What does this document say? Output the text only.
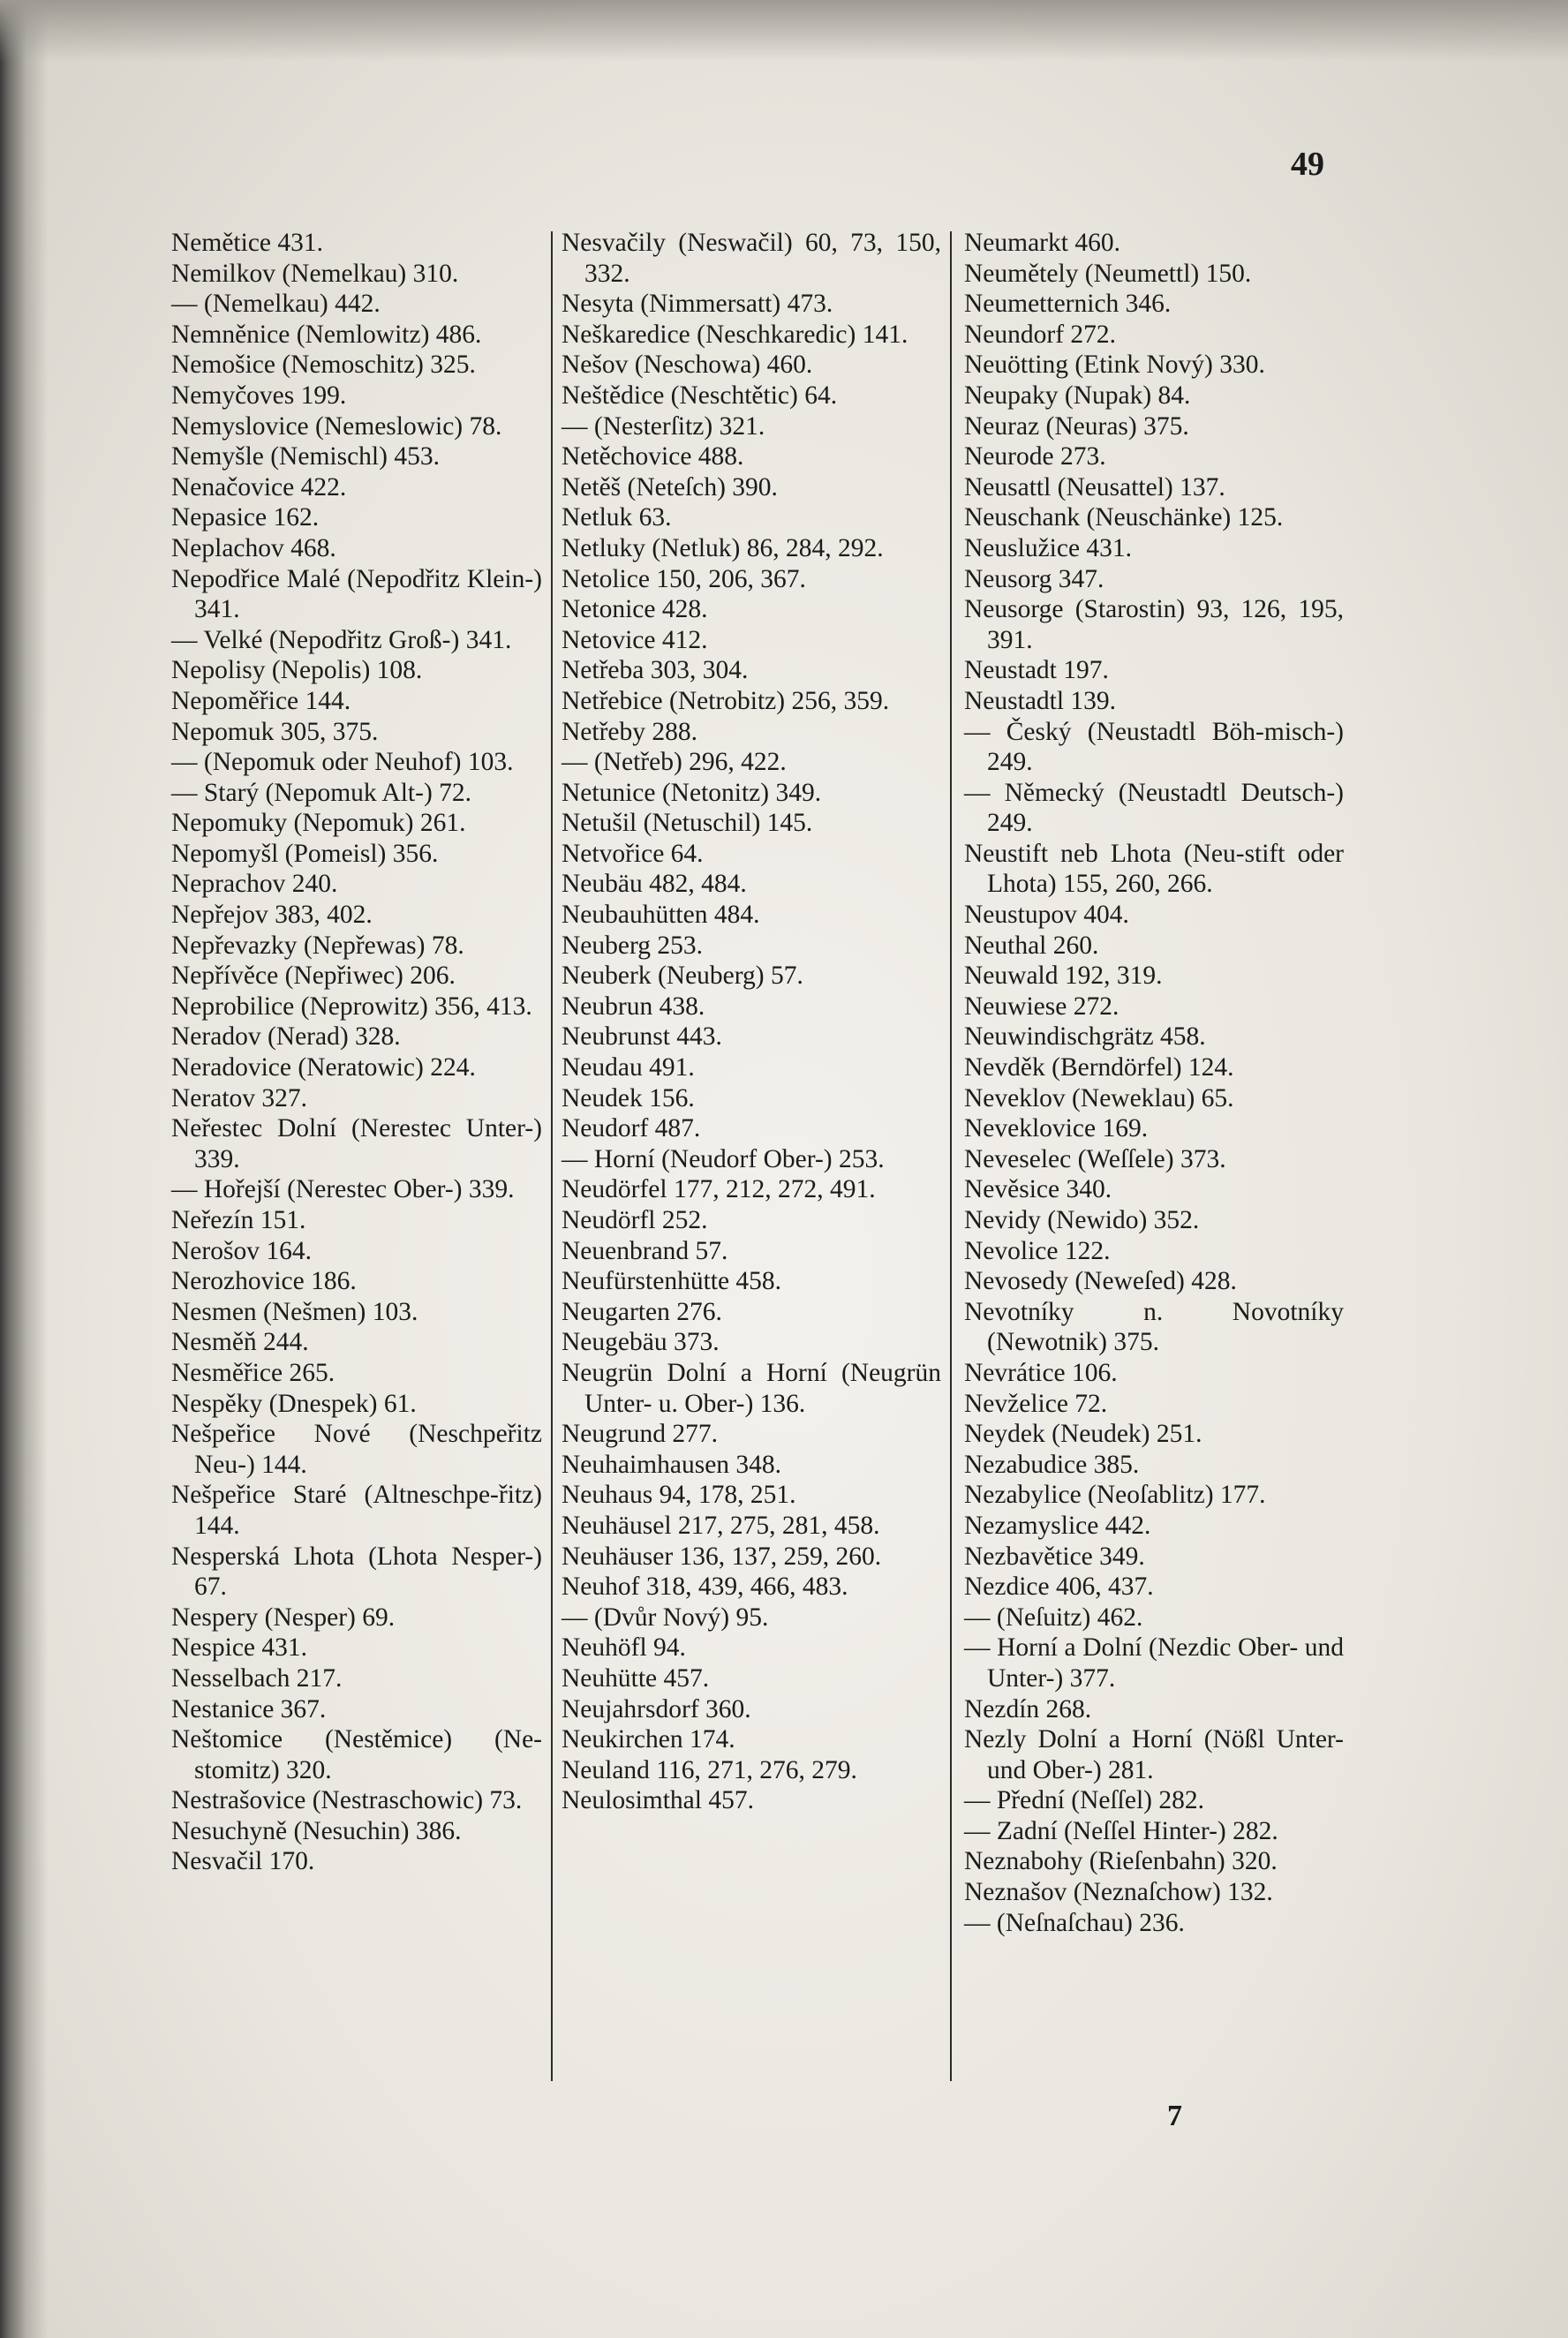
49

Nemětice 431.

Nemilkov (Nemelkau) 310.

— (Nemelkau) 442.

Nemněnice (Nemlowitz) 486.

Nemošice (Nemoschitz) 325.

Nemyčoves 199.

Nemyslovice (Nemeslowic) 78.

Nemyšle (Nemischl) 453.

Nenačovice 422.

Nepasice 162.

Neplachov 468.

Nepodřice Malé (Nepodřitz Klein-) 341.

— Velké (Nepodřitz Groß-) 341.

Nepolisy (Nepolis) 108.

Nepoměřice 144.

Nepomuk 305, 375.

— (Nepomuk oder Neuhof) 103.

— Starý (Nepomuk Alt-) 72.

Nepomuky (Nepomuk) 261.

Nepomyšl (Pomeisl) 356.

Neprachov 240.

Nepřejov 383, 402.

Nepřevazky (Nepřewas) 78.

Nepřívěce (Nepřiwec) 206.

Neprobilice (Neprowitz) 356, 413.

Neradov (Nerad) 328.

Neradovice (Neratowic) 224.

Neratov 327.

Neřestec Dolní (Nerestec Unter-) 339.

— Hořejší (Nerestec Ober-) 339.

Neřezín 151.

Nerošov 164.

Nerozhovice 186.

Nesmen (Nešmen) 103.

Nesměň 244.

Nesměřice 265.

Nespěky (Dnespek) 61.

Nešpeřice Nové (Neschpeřitz Neu-) 144.

Nešpeřice Staré (Altneschpe-řitz) 144.

Nesperská Lhota (Lhota Nesper-) 67.

Nespery (Nesper) 69.

Nespice 431.

Nesselbach 217.

Nestanice 367.

Neštomice (Nestěmice) (Ne-stomitz) 320.

Nestrašovice (Nestraschowic) 73.

Nesuchyně (Nesuchin) 386.

Nesvačil 170.

Nesvačily (Neswačil) 60, 73, 150, 332.

Nesyta (Nimmersatt) 473.

Neškaredice (Neschkaredic) 141.

Nešov (Neschowa) 460.

Neštědice (Neschtětic) 64.

— (Nesterſitz) 321.

Netěchovice 488.

Netěš (Neteſch) 390.

Netluk 63.

Netluky (Netluk) 86, 284, 292.

Netolice 150, 206, 367.

Netonice 428.

Netovice 412.

Netřeba 303, 304.

Netřebice (Netrobitz) 256, 359.

Netřeby 288.

— (Netřeb) 296, 422.

Netunice (Netonitz) 349.

Netušil (Netuschil) 145.

Netvořice 64.

Neubäu 482, 484.

Neubauhütten 484.

Neuberg 253.

Neuberk (Neuberg) 57.

Neubrun 438.

Neubrunst 443.

Neudau 491.

Neudek 156.

Neudorf 487.

— Horní (Neudorf Ober-) 253.

Neudörfel 177, 212, 272, 491.

Neudörfl 252.

Neuenbrand 57.

Neufürstenhütte 458.

Neugarten 276.

Neugebäu 373.

Neugrün Dolní a Horní (Neugrün Unter- u. Ober-) 136.

Neugrund 277.

Neuhaimhausen 348.

Neuhaus 94, 178, 251.

Neuhäusel 217, 275, 281, 458.

Neuhäuser 136, 137, 259, 260.

Neuhof 318, 439, 466, 483.

— (Dvůr Nový) 95.

Neuhöfl 94.

Neuhütte 457.

Neujahrsdorf 360.

Neukirchen 174.

Neuland 116, 271, 276, 279.

Neulosimthal 457.

Neumarkt 460.

Neumětely (Neumettl) 150.

Neumetternich 346.

Neundorf 272.

Neuötting (Etink Nový) 330.

Neupaky (Nupak) 84.

Neuraz (Neuras) 375.

Neurode 273.

Neusattl (Neusattel) 137.

Neuschank (Neuschänke) 125.

Neuslužice 431.

Neusorg 347.

Neusorge (Starostin) 93, 126, 195, 391.

Neustadt 197.

Neustadtl 139.

— Český (Neustadtl Böh-misch-) 249.

— Německý (Neustadtl Deutsch-) 249.

Neustift neb Lhota (Neu-stift oder Lhota) 155, 260, 266.

Neustupov 404.

Neuthal 260.

Neuwald 192, 319.

Neuwiese 272.

Neuwindischgrätz 458.

Nevděk (Berndörfel) 124.

Neveklov (Neweklau) 65.

Neveklovice 169.

Neveselec (Weſſele) 373.

Nevěsice 340.

Nevidy (Newido) 352.

Nevolice 122.

Nevosedy (Neweſed) 428.

Nevotníky n. Novotníky (Newotnik) 375.

Nevrátice 106.

Nevželice 72.

Neydek (Neudek) 251.

Nezabudice 385.

Nezabylice (Neoſablitz) 177.

Nezamyslice 442.

Nezbavětice 349.

Nezdice 406, 437.

— (Neſuitz) 462.

— Horní a Dolní (Nezdic Ober- und Unter-) 377.

Nezdín 268.

Nezly Dolní a Horní (Nößl Unter- und Ober-) 281.

— Přední (Neſſel) 282.

— Zadní (Neſſel Hinter-) 282.

Neznabohy (Rieſenbahn) 320.

Neznašov (Neznaſchow) 132.

— (Neſnaſchau) 236.

7
